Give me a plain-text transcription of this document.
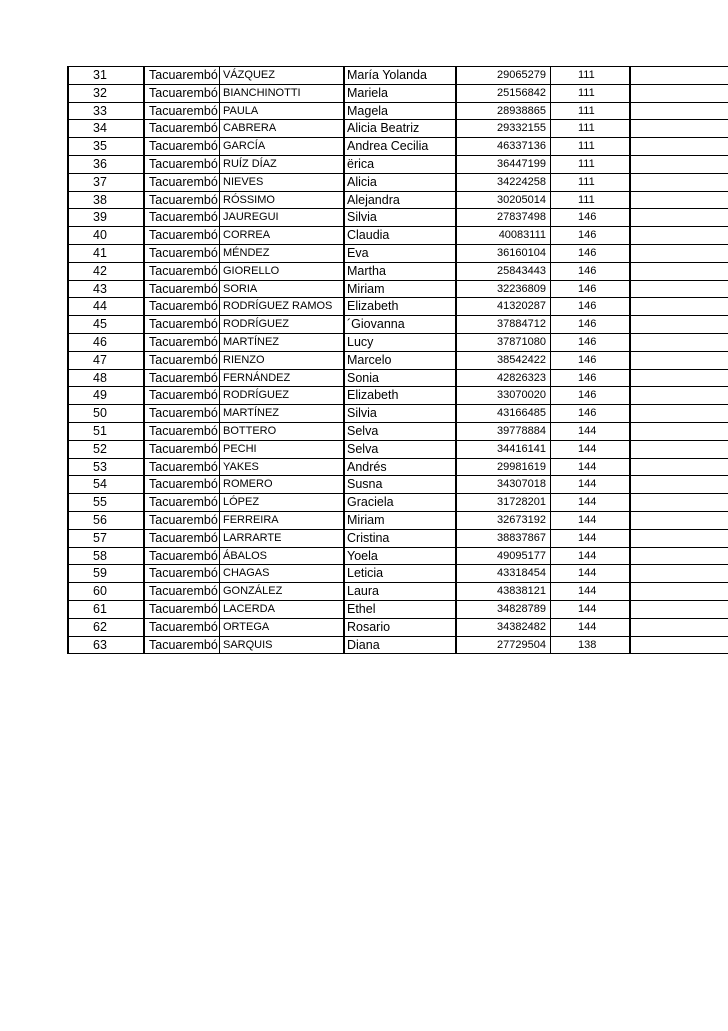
31	Tacuarembó VÁZQUEZ	María Yolanda	29065279	111
32	Tacuarembó BIANCHINOTTI	Mariela	25156842	111
33	Tacuarembó PAULA	Magela	28938865	111
34	Tacuarembó CABRERA	Alicia Beatriz	29332155	111
35	Tacuarembó GARCÍA	Andrea Cecilia	46337136	111
36	Tacuarembó RUÍZ DÍAZ	ërica	36447199	111
37	Tacuarembó NIEVES	Alicia	34224258	111
38	Tacuarembó RÓSSIMO	Alejandra	30205014	111
39	Tacuarembó JAUREGUI	Silvia	27837498	146
40	Tacuarembó CORREA	Claudia	40083111	146
41	Tacuarembó MÉNDEZ	Eva	36160104	146
42	Tacuarembó GIORELLO	Martha	25843443	146
43	Tacuarembó SORIA	Miriam	32236809	146
44	Tacuarembó RODRÍGUEZ RAMOS	Elizabeth	41320287	146
45	Tacuarembó RODRÍGUEZ	´Giovanna	37884712	146
46	Tacuarembó MARTÍNEZ	Lucy	37871080	146
47	Tacuarembó RIENZO	Marcelo	38542422	146
48	Tacuarembó FERNÁNDEZ	Sonia	42826323	146
49	Tacuarembó RODRÍGUEZ	Elizabeth	33070020	146
50	Tacuarembó MARTÍNEZ	Silvia	43166485	146
51	Tacuarembó BOTTERO	Selva	39778884	144
52	Tacuarembó PECHI	Selva	34416141	144
53	Tacuarembó YAKES	Andrés	29981619	144
54	Tacuarembó ROMERO	Susna	34307018	144
55	Tacuarembó LÓPEZ	Graciela	31728201	144
56	Tacuarembó FERREIRA	Miriam	32673192	144
57	Tacuarembó LARRARTE	Cristina	38837867	144
58	Tacuarembó ÁBALOS	Yoela	49095177	144
59	Tacuarembó CHAGAS	Leticia	43318454	144
60	Tacuarembó GONZÁLEZ	Laura	43838121	144
61	Tacuarembó LACERDA	Ethel	34828789	144
62	Tacuarembó ORTEGA	Rosario	34382482	144
63	Tacuarembó SARQUIS	Diana	27729504	138
